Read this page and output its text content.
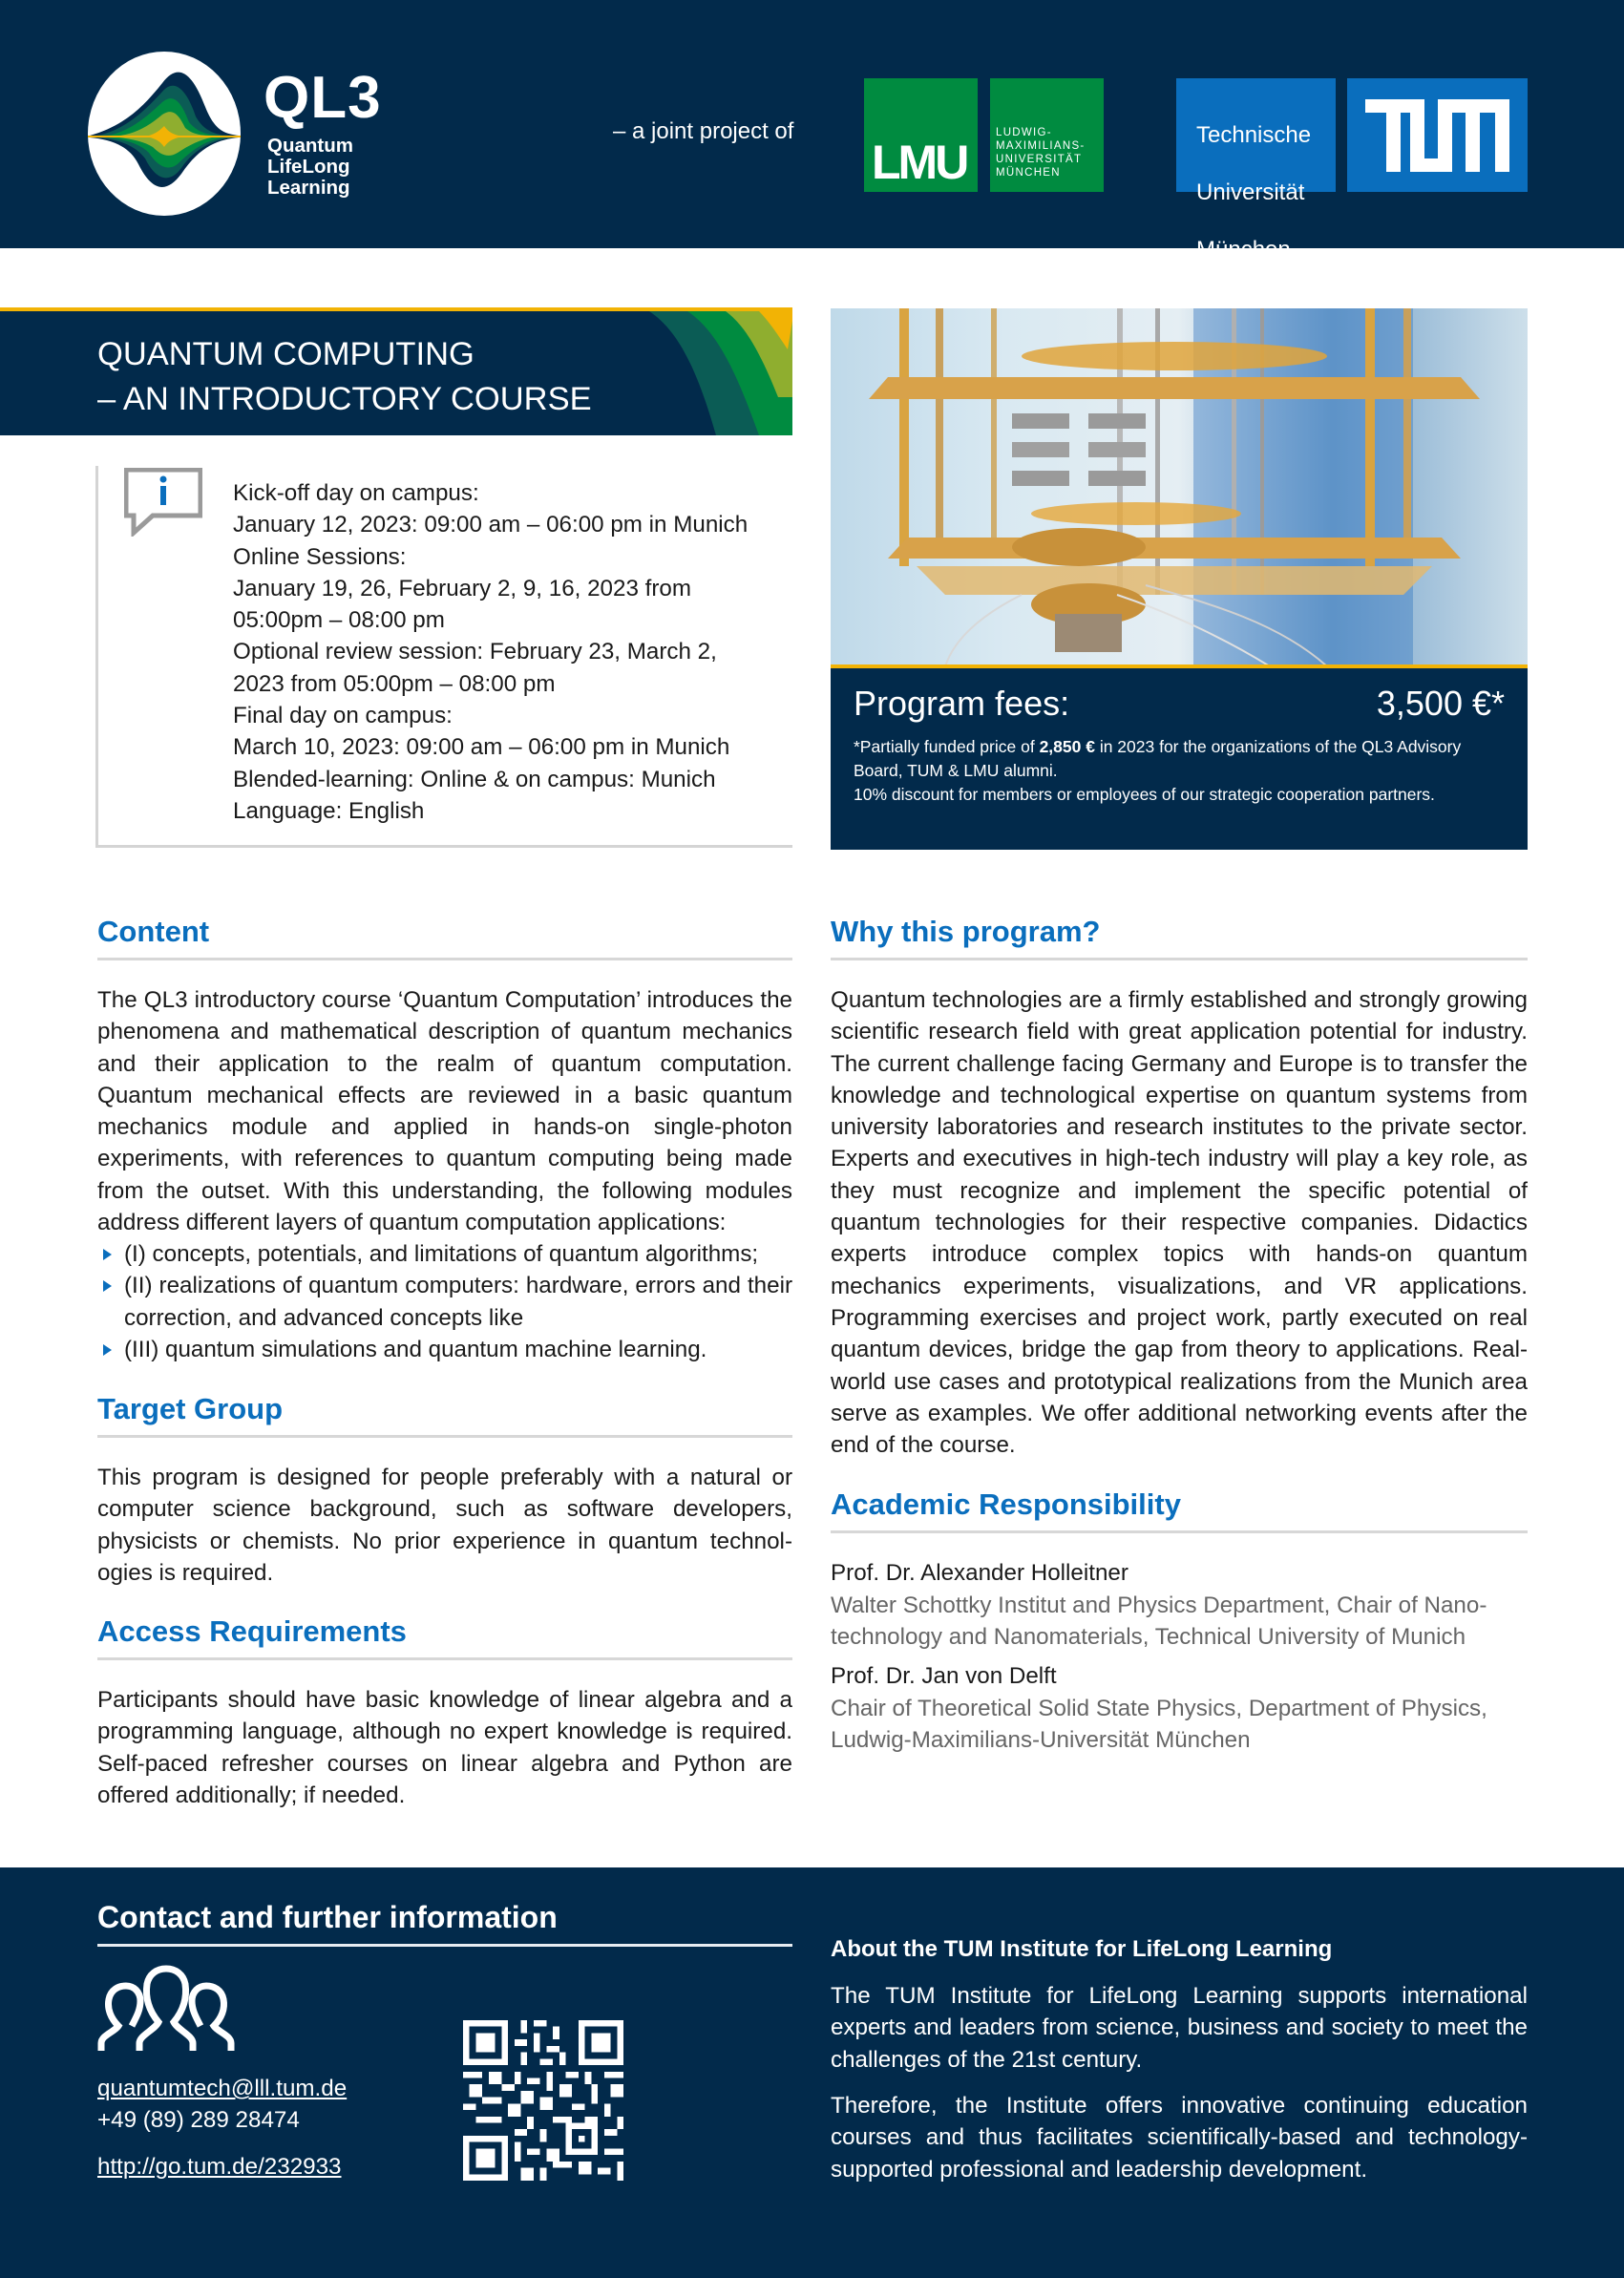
QL3
Quantum
LifeLong
Learning
– a joint project of
LMU
LUDWIG-
MAXIMILIANS-
UNIVERSITÄT
MÜNCHEN

Technische

Universität

München

QUANTUM COMPUTING
– AN INTRODUCTORY COURSE
Kick-off day on campus:
January 12, 2023: 09:00 am – 06:00 pm in Munich
Online Sessions:
January 19, 26, February 2, 9, 16, 2023 from
05:00pm – 08:00 pm
Optional review session: February 23, March 2,
2023 from 05:00pm – 08:00 pm
Final day on campus:
March 10, 2023: 09:00 am – 06:00 pm in Munich
Blended-learning: Online & on campus: Munich
Language: English
Program fees:	3,500 €*
*Partially funded price of 2,850 € in 2023 for the organizations of the QL3 Advisory Board, TUM & LMU alumni.
10% discount for members or employees of our strategic cooperation partners.
Content
The QL3 introductory course ‘Quantum Computation’ introduces the phenomena and mathematical description of quantum mechanics and their application to the realm of quantum computation. Quantum mechanical effects are reviewed in a basic quantum mechanics module and applied in hands-on single-photon experiments, with references to quantum computing being made from the outset. With this understanding, the following modules address different layers of quantum computation applications:
(I) concepts, potentials, and limitations of quantum algorithms;
(II) realizations of quantum computers: hardware, errors and their correction, and advanced concepts like
(III) quantum simulations and quantum machine learning.
Target Group
This program is designed for people preferably with a natural or computer science background, such as software developers, physicists or chemists. No prior experience in quantum technologies is required.
Access Requirements
Participants should have basic knowledge of linear algebra and a programming language, although no expert knowledge is required. Self-paced refresher courses on linear algebra and Python are offered additionally; if needed.
Why this program?
Quantum technologies are a firmly established and strongly growing scientific research field with great application potential for industry. The current challenge facing Germany and Europe is to transfer the knowledge and technological expertise on quantum systems from university laboratories and research institutes to the private sector. Experts and executives in high-tech industry will play a key role, as they must recognize and implement the specific potential of quantum technologies for their respective companies. Didactics experts introduce complex topics with hands-on quantum mechanics experiments, visualizations, and VR applications. Programming exercises and project work, partly executed on real quantum devices, bridge the gap from theory to applications. Real-world use cases and prototypical realizations from the Munich area serve as examples. We offer additional networking events after the end of the course.
Academic Responsibility
Prof. Dr. Alexander Holleitner
Walter Schottky Institut and Physics Department, Chair of Nanotechnology and Nanomaterials, Technical University of Munich
Prof. Dr. Jan von Delft
Chair of Theoretical Solid State Physics, Department of Physics, Ludwig-Maximilians-Universität München
Contact and further information
quantumtech@lll.tum.de
+49 (89) 289 28474
http://go.tum.de/232933
About the TUM Institute for LifeLong Learning
The TUM Institute for LifeLong Learning supports international experts and leaders from science, business and society to meet the challenges of the 21st century.
Therefore, the Institute offers innovative continuing education courses and thus facilitates scientifically-based and technology-supported professional and leadership development.
